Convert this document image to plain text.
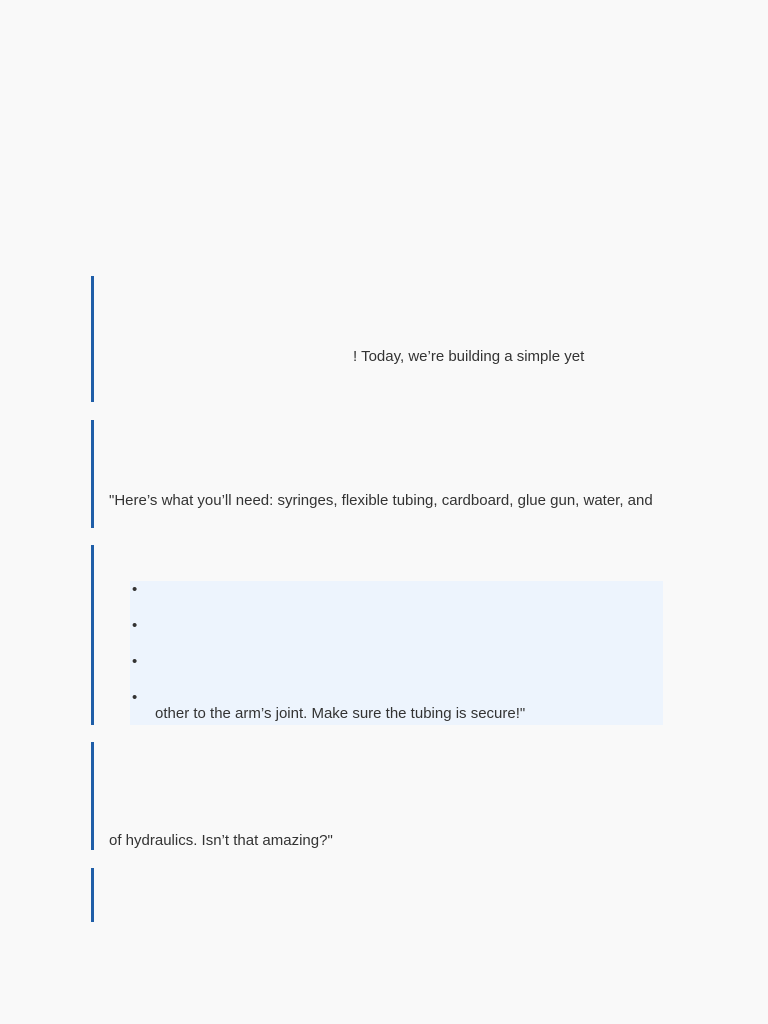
! Today, we’re building a simple yet
"Here’s what you’ll need: syringes, flexible tubing, cardboard, glue gun, water, and
•
•
•
•
other to the arm’s joint. Make sure the tubing is secure!"
of hydraulics. Isn’t that amazing?"
